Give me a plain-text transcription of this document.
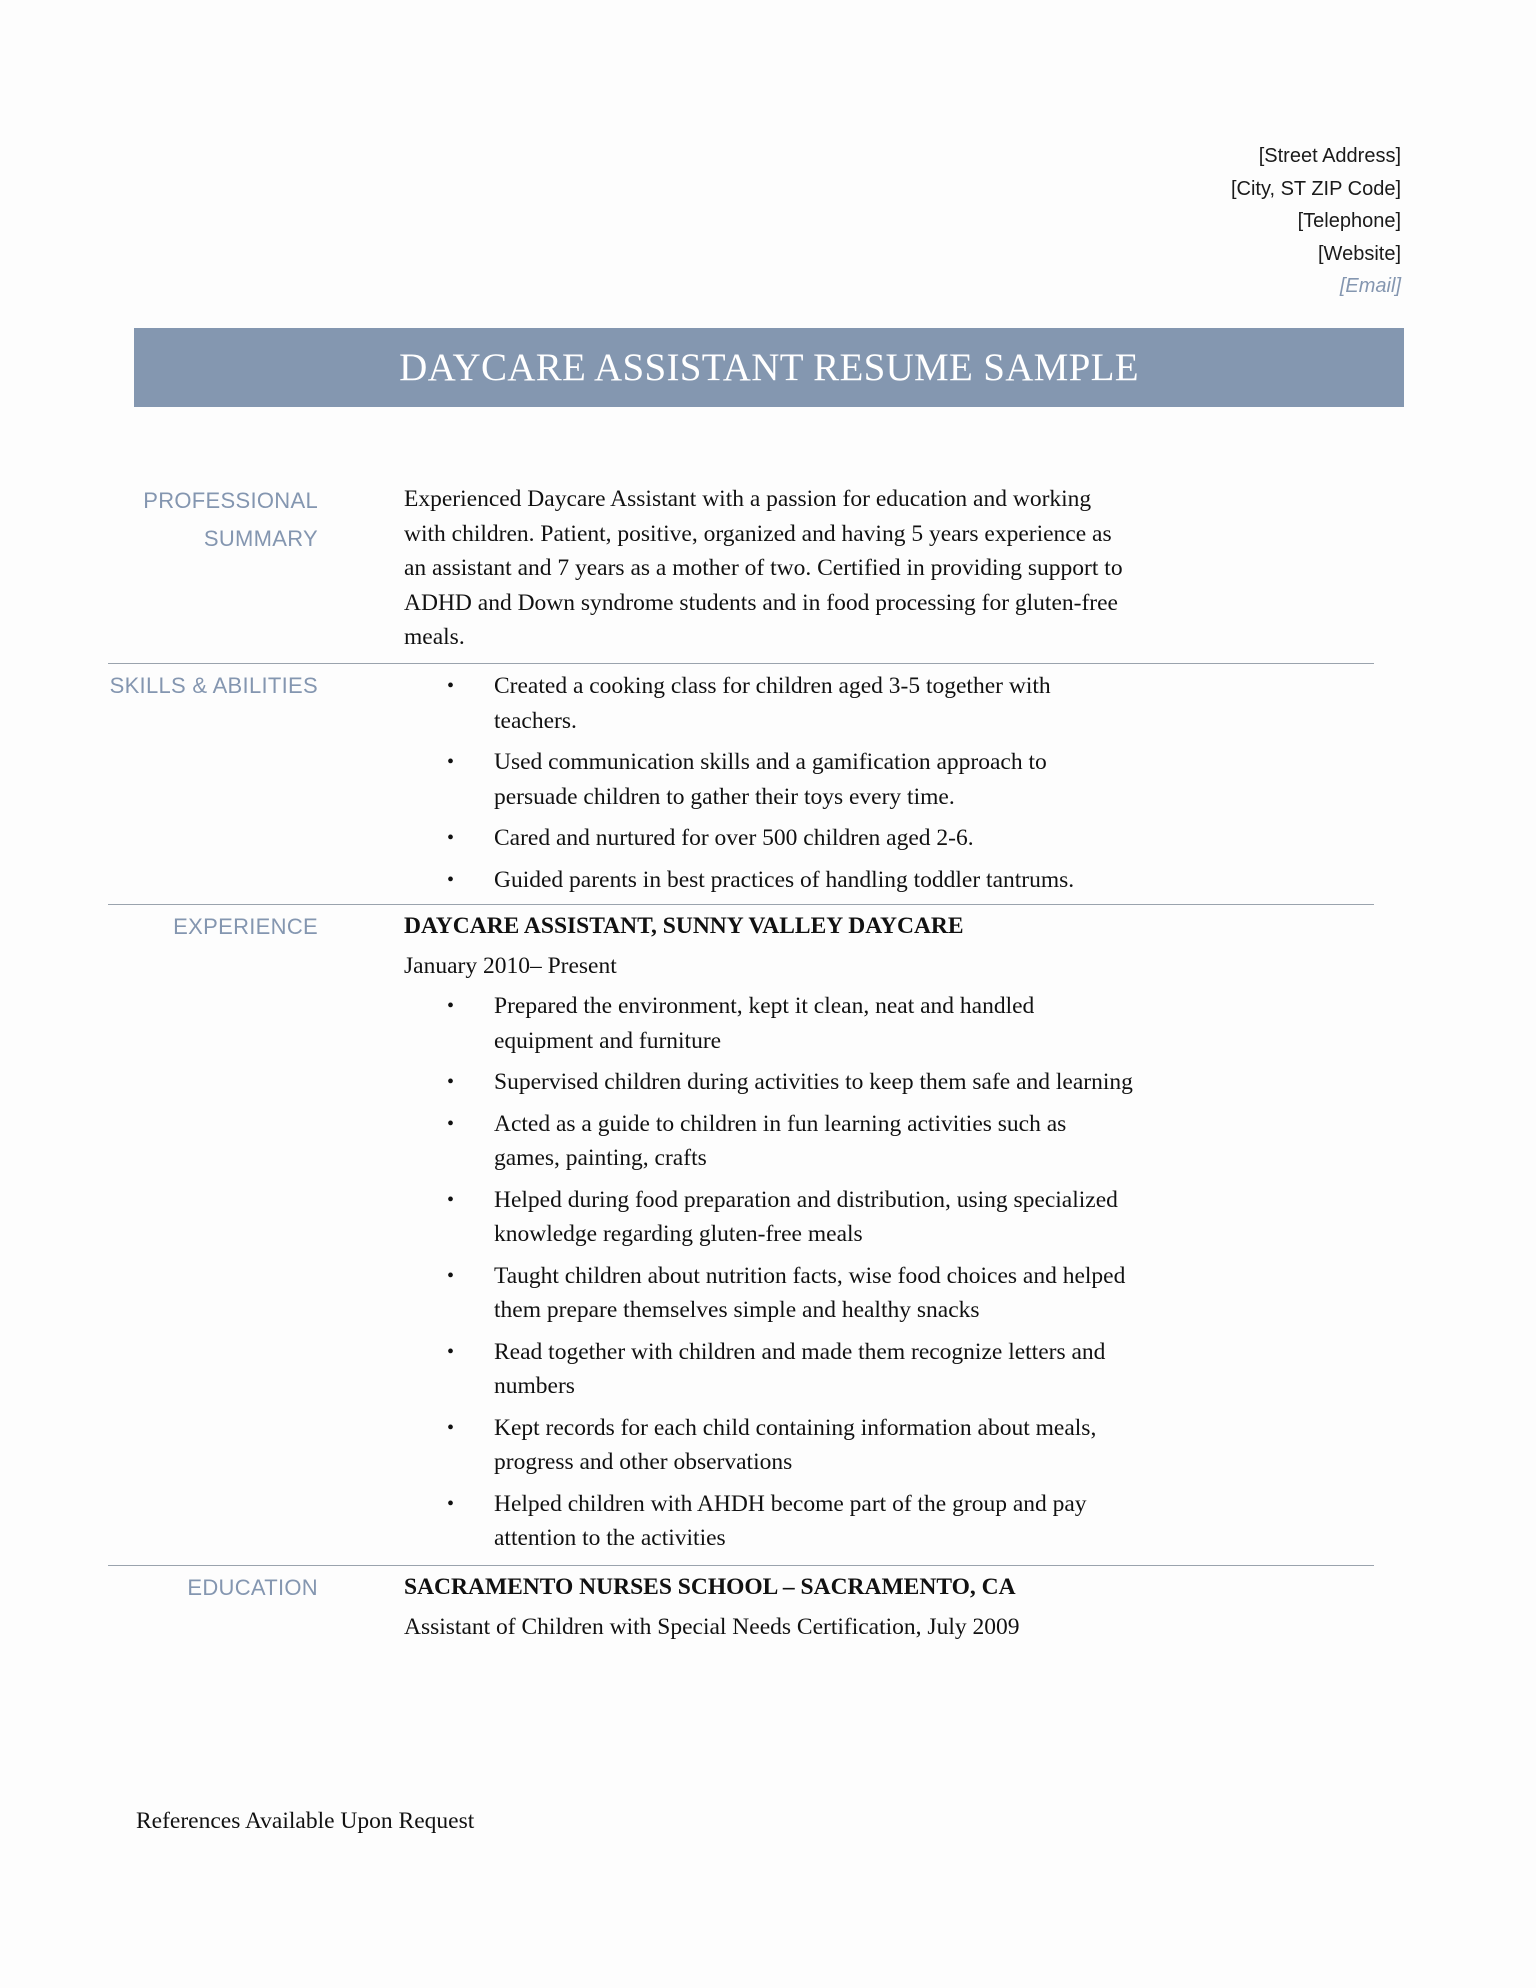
[Street Address]
[City, ST ZIP Code]
[Telephone]
[Website]
[Email]
DAYCARE ASSISTANT RESUME SAMPLE
PROFESSIONAL
SUMMARY
Experienced Daycare Assistant with a passion for education and working
with children. Patient, positive, organized and having 5 years experience as
an assistant and 7 years as a mother of two. Certified in providing support to
ADHD and Down syndrome students and in food processing for gluten-free
meals.
SKILLS & ABILITIES	• Created a cooking class for children aged 3-5 together with
teachers.
• Used communication skills and a gamification approach to
persuade children to gather their toys every time.
• Cared and nurtured for over 500 children aged 2-6.
• Guided parents in best practices of handling toddler tantrums.
EXPERIENCE	DAYCARE ASSISTANT, SUNNY VALLEY DAYCARE
January 2010– Present
• Prepared the environment, kept it clean, neat and handled
equipment and furniture
• Supervised children during activities to keep them safe and learning
• Acted as a guide to children in fun learning activities such as
games, painting, crafts
• Helped during food preparation and distribution, using specialized
knowledge regarding gluten-free meals
• Taught children about nutrition facts, wise food choices and helped
them prepare themselves simple and healthy snacks
• Read together with children and made them recognize letters and
numbers
• Kept records for each child containing information about meals,
progress and other observations
• Helped children with AHDH become part of the group and pay
attention to the activities
EDUCATION	SACRAMENTO NURSES SCHOOL – SACRAMENTO, CA
Assistant of Children with Special Needs Certification, July 2009
References Available Upon Request
